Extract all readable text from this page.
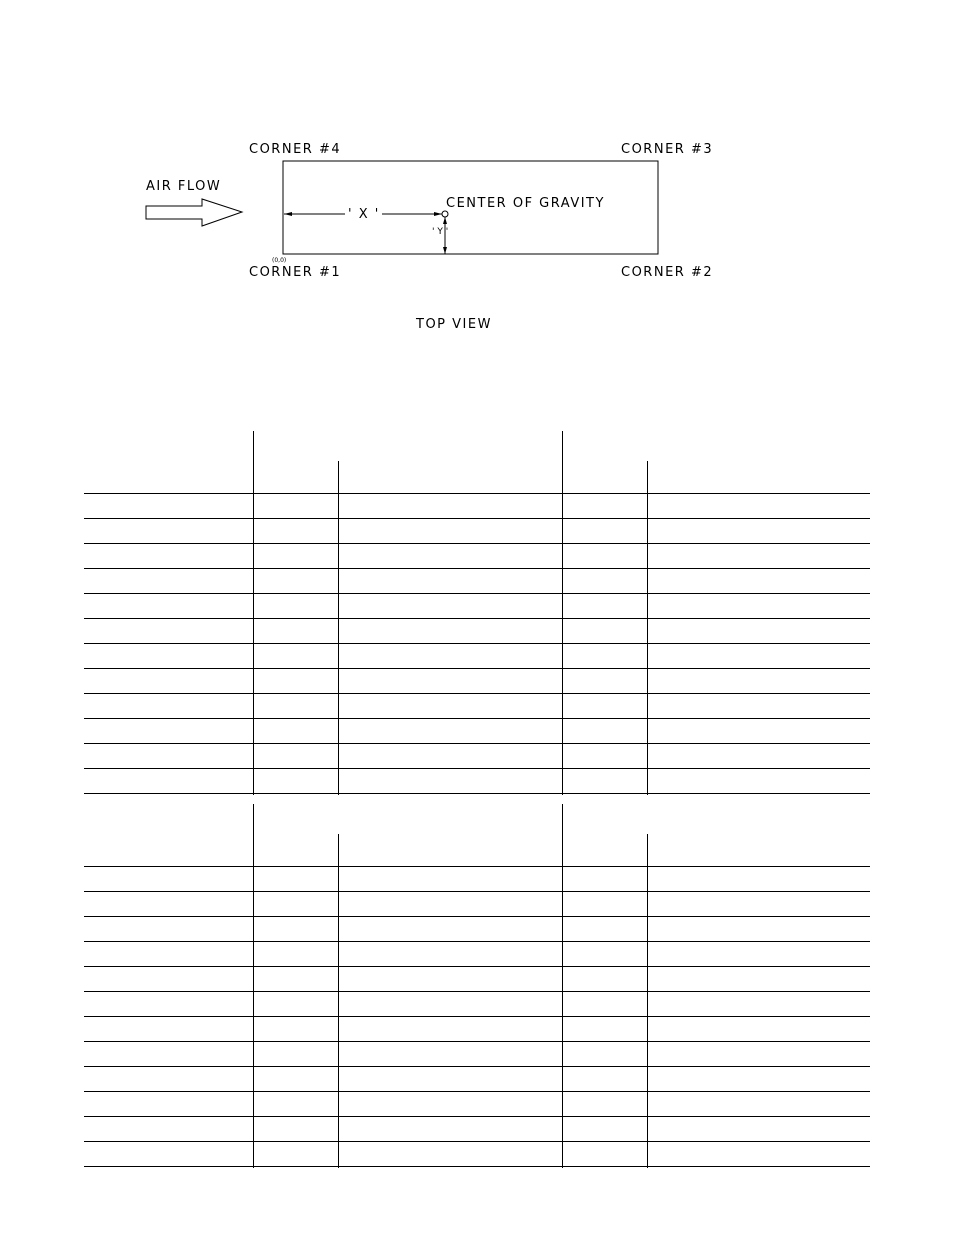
CORNER #4	CORNER #3
CORNER #1	CORNER #2
(0,0)
AIR FLOW
' X '
CENTER OF GRAVITY
' Y '
TOP VIEW
